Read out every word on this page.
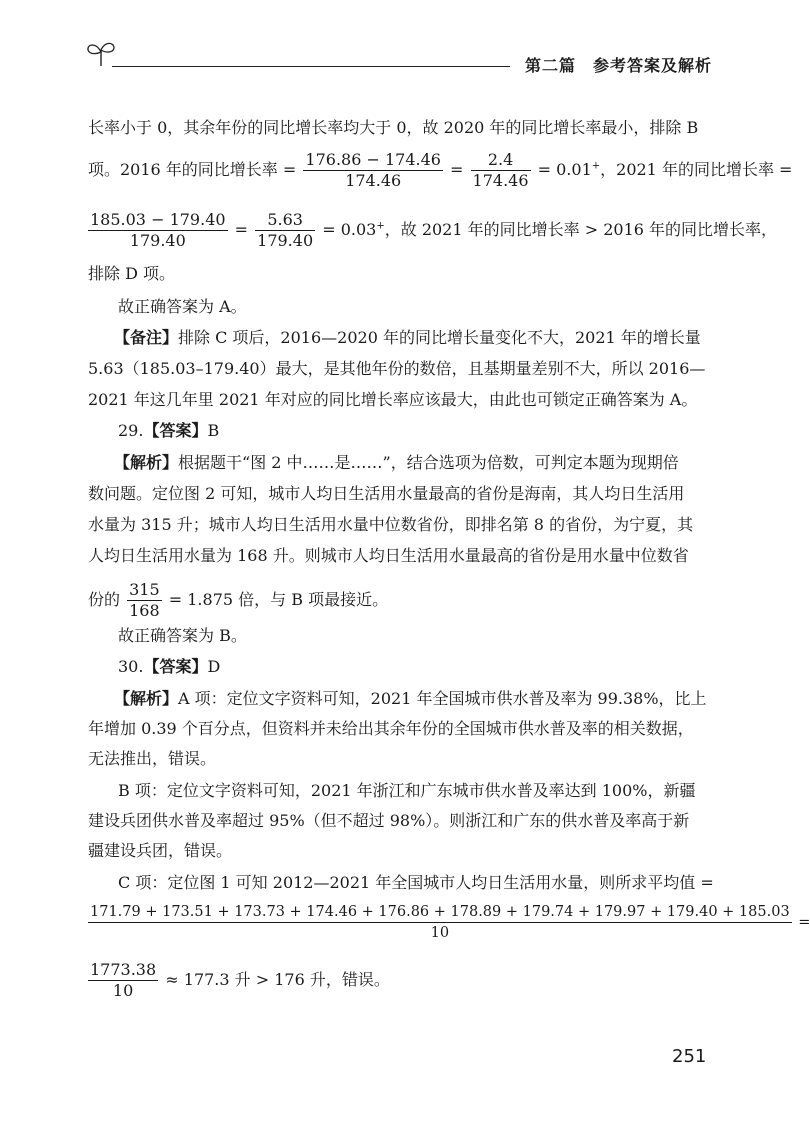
第二篇　参考答案及解析
长率小于 0，其余年份的同比增长率均大于 0，故 2020 年的同比增长率最小，排除 B
项。2016 年的同比增长率 = $\frac{176.86 - 174.46}{174.46} = \frac{2.4}{174.46} = 0.01^+$，2021 年的同比增长率 =
$\frac{185.03 - 179.40}{179.40} = \frac{5.63}{179.40} = 0.03^+$，故 2021 年的同比增长率 > 2016 年的同比增长率，
排除 D 项。
故正确答案为 A。
【备注】排除 C 项后，2016—2020 年的同比增长量变化不大，2021 年的增长量
5.63（185.03–179.40）最大，是其他年份的数倍，且基期量差别不大，所以 2016—
2021 年这几年里 2021 年对应的同比增长率应该最大，由此也可锁定正确答案为 A。
29.【答案】B
【解析】根据题干“图 2 中……是……”，结合选项为倍数，可判定本题为现期倍
数问题。定位图 2 可知，城市人均日生活用水量最高的省份是海南，其人均日生活用
水量为 315 升；城市人均日生活用水量中位数省份，即排名第 8 的省份，为宁夏，其
人均日生活用水量为 168 升。则城市人均日生活用水量最高的省份是用水量中位数省
份的 $\frac{315}{168} = 1.875$ 倍，与 B 项最接近。
故正确答案为 B。
30.【答案】D
【解析】A 项：定位文字资料可知，2021 年全国城市供水普及率为 99.38%，比上
年增加 0.39 个百分点，但资料并未给出其余年份的全国城市供水普及率的相关数据，
无法推出，错误。
B 项：定位文字资料可知，2021 年浙江和广东城市供水普及率达到 100%，新疆
建设兵团供水普及率超过 95%（但不超过 98%）。则浙江和广东的供水普及率高于新
疆建设兵团，错误。
C 项：定位图 1 可知 2012—2021 年全国城市人均日生活用水量，则所求平均值 =
171.79 + 173.51 + 173.73 + 174.46 + 176.86 + 178.89 + 179.74 + 179.97 + 179.40 + 185.03
10
=
$\frac{1773.38}{10} \approx 177.3$ 升 > 176 升，错误。
251
